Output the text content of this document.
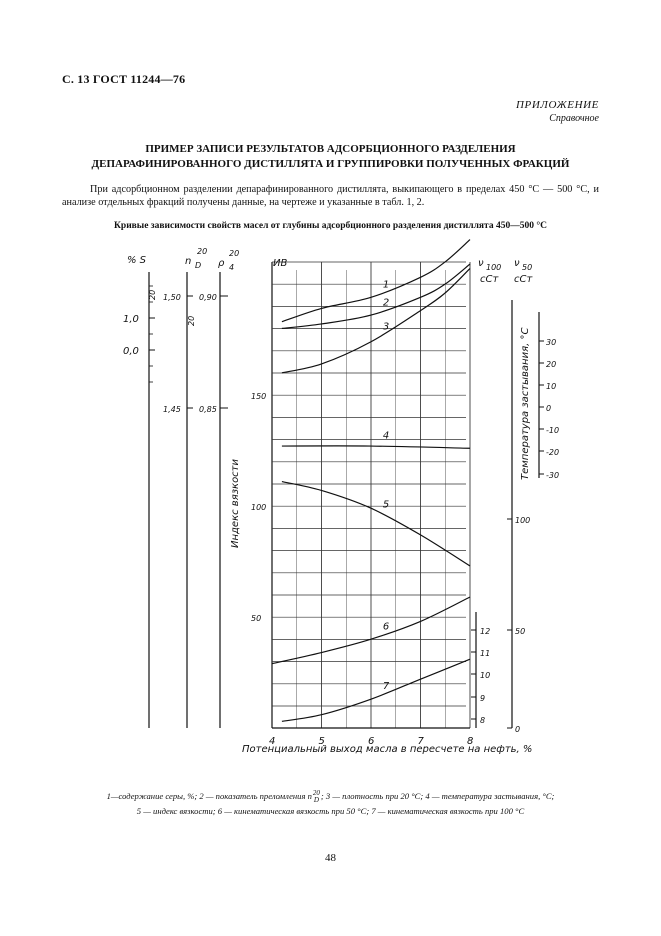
С. 13 ГОСТ 11244—76
ПРИЛОЖЕНИЕ
Справочное
ПРИМЕР ЗАПИСИ РЕЗУЛЬТАТОВ АДСОРБЦИОННОГО РАЗДЕЛЕНИЯ
ДЕПАРАФИНИРОВАННОГО ДИСТИЛЛЯТА И ГРУППИРОВКИ ПОЛУЧЕННЫХ ФРАКЦИЙ

При адсорбционном разделении депарафинированного дистиллята, выкипающего в пределах 450 °С — 500 °С, и анализе отдельных фракций получены данные, на чертеже и указанные в табл. 1, 2.

Кривые зависимости свойств масел от глубины адсорбционного разделения дистиллята 450—500 °С
4	5	6	7	8
Потенциальный выход масла в пересчете на нефть, %
% S
20
1,0
0,0
n
20
D
20
1,50
1,45
ρ
20
4
0,90
0,85
ИВ
Индекс вязкости
150
100
50
ν 100
сСт
12
11
10
9
8
ν 50
сСт
100
50
0
Температура застывания, °С 30
20
10
0
-10
-20
-30
1
2
3
4
5
6
7
1—содержание серы, %; 2 — показатель преломления n 20
D ; 3 — плотность при 20 °С; 4 — температура застывания, °С;
5 — индекс вязкости; 6 — кинематическая вязкость при 50 °С; 7 — кинематическая вязкость при 100 °С
48
